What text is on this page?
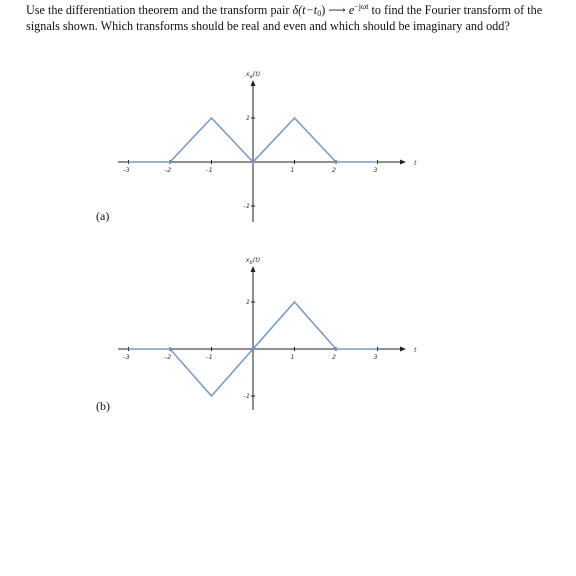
Use the differentiation theorem and the transform pair $\delta(t-t_0)$ ⟶ $e^{-j\omega t}$ to find the Fourier transform of the signals shown. Which transforms should be real and even and which should be imaginary and odd?

-3	-2	-1	1	2	3
1
-1
$x_a(t)$
t
(a)
-3	-2	-1	1	2	3
1
-1
$x_b(t)$
t
(b)
